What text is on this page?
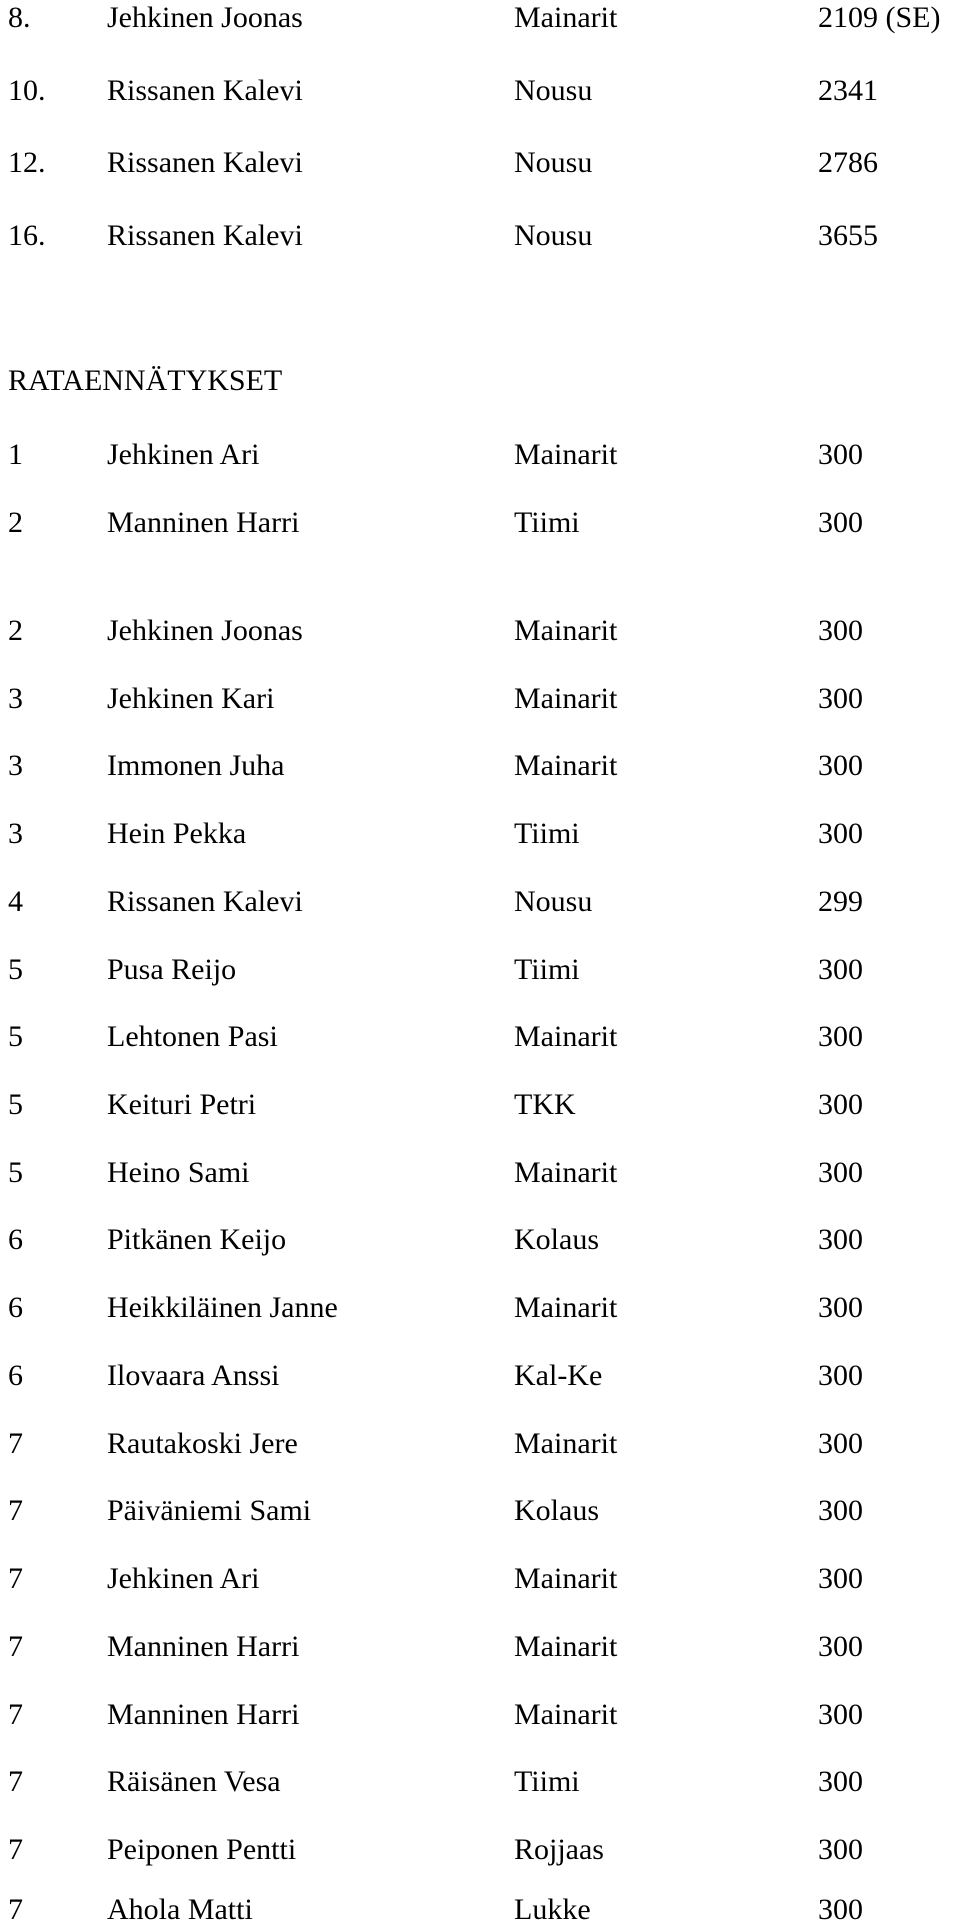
8.	Jehkinen Joonas	Mainarit	2109 (SE)
10. Rissanen Kalevi	Nousu	2341
12. Rissanen Kalevi	Nousu	2786
16. Rissanen Kalevi	Nousu	3655
RATAENNÄTYKSET
1	Jehkinen Ari	Mainarit	300
2	Manninen Harri	Tiimi	300
2	Jehkinen Joonas	Mainarit	300
3	Jehkinen Kari	Mainarit	300
3	Immonen Juha	Mainarit	300
3	Hein Pekka	Tiimi	300
4	Rissanen Kalevi	Nousu	299
5	Pusa Reijo	Tiimi	300
5	Lehtonen Pasi	Mainarit	300
5	Keituri Petri	TKK	300
5	Heino Sami	Mainarit	300
6	Pitkänen Keijo	Kolaus	300
6	Heikkiläinen Janne	Mainarit	300
6	Ilovaara Anssi	Kal-Ke	300
7	Rautakoski Jere	Mainarit	300
7	Päiväniemi Sami	Kolaus	300
7	Jehkinen Ari	Mainarit	300
7	Manninen Harri	Mainarit	300
7	Manninen Harri	Mainarit	300
7	Räisänen Vesa	Tiimi	300
7	Peiponen Pentti	Rojjaas	300
7	Ahola Matti	Lukke	300
